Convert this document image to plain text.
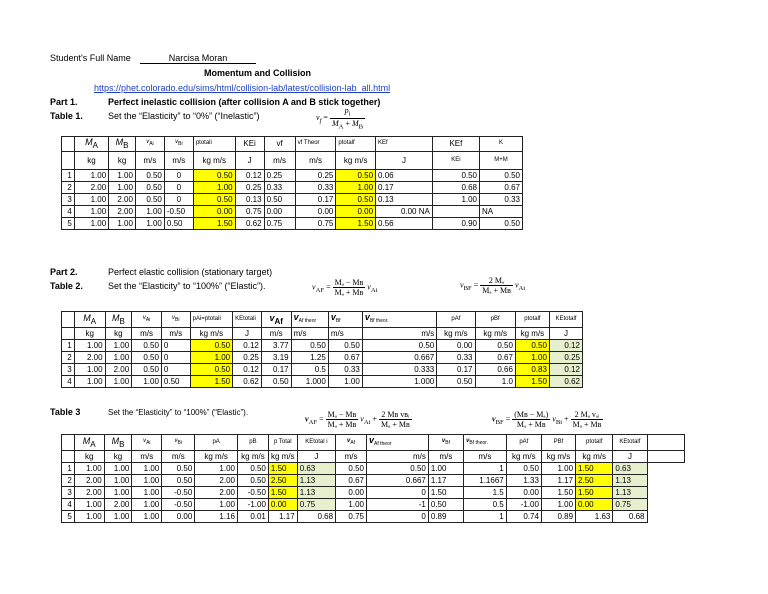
Student's Full Name	Narcisa Moran
Momentum and Collision
https://phet.colorado.edu/sims/html/collision-lab/latest/collision-lab_all.html
Part 1.	Perfect inelastic collision (after collision A and B stick together)
Table 1.	Set the “Elasticity” to “0%” (“Inelastic”)	$v_f = \frac{p_i}{M_A + M_B}$
	$M_A$	$M_B$	$v_{Ai}$	$v_{Bi}$	ptotali	KEi	vf	vf Theor	ptotalf	KEf	KEf	K
	kg	kg	m/s	m/s	kg m/s	J	m/s	m/s	kg m/s	J	KEi	M+M
1	1.00	1.00	0.50	0	0.50	0.12	0.25	0.25	0.50	0.06	0.50	0.50
2	2.00	1.00	0.50	0	1.00	0.25	0.33	0.33	1.00	0.17	0.68	0.67
3	1.00	2.00	0.50	0	0.50	0.13	0.50	0.17	0.50	0.13	1.00	0.33
4	1.00	2.00	1.00	-0.50	0.00	0.75	0.00	0.00	0.00	0.00 NA		NA
5	1.00	1.00	1.00	0.50	1.50	0.62	0.75	0.75	1.50	0.56	0.90	0.50
Part 2.	Perfect elastic collision (stationary target)
Table 2.	Set the “Elasticity” to “100%” (“Elastic”).	$v_{AF} = \frac{\text{Mₐ − Mʙ}}{\text{Mₐ + Mʙ}} v_{Ai}$
$v_{BF} = \frac{\text{2 Mₐ}}{\text{Mₐ + Mʙ}} v_{Ai}$
	$M_A$	$M_B$	$v_{Ai}$	$v_{Bi}$	pAi=ptotali	KEtotali	$v_{Af}$	$v_{Af theor}$	$v_{Bf}$	$v_{Bf theor.}$	pAf	pBf	ptotalf	KEtotalf
	kg	kg	m/s	m/s	kg m/s	J	m/s	m/s	m/s	m/s	kg m/s	kg m/s	kg m/s	J
1	1.00	1.00	0.50	0	0.50	0.12	3.77	0.50	0.50	0.50	0.00	0.50	0.50	0.12
2	2.00	1.00	0.50	0	1.00	0.25	3.19	1.25	0.67	0.667	0.33	0.67	1.00	0.25
3	1.00	2.00	0.50	0	0.50	0.12	0.17	0.5	0.33	0.333	0.17	0.66	0.83	0.12
4	1.00	1.00	1.00	0.50	1.50	0.62	0.50	1.000	1.00	1.000	0.50	1.0	1.50	0.62
Table 3	Set the “Elasticity” to “100%” (“Elastic”).
$v_{AF} = \frac{\text{Mₐ − Mʙ}}{\text{Mₐ + Mʙ}} v_{Ai} + \frac{\text{2 Mʙ vʙᵢ}}{\text{Mₐ + Mʙ}}$	$v_{BF} = \frac{\text{(Mʙ − Mₐ)}}{\text{Mₐ + Mʙ}} v_{Bi} + \frac{\text{2 Mₐ vₐᵢ}}{\text{Mₐ + Mʙ}}$
	$M_A$	$M_B$	$v_{Ai}$	$v_{Bi}$	pA	pB	p Total	KEtotal i	$v_{Af}$	$v_{Af theor}$	$v_{Bf}$	$v_{Bf theor.}$	pAf	PBf	ptotalf	KEtotalf	
	kg	kg	m/s	m/s	kg m/s	kg m/s	kg m/s	J	m/s	m/s	m/s	m/s	kg m/s	kg m/s	kg m/s	J	
1	1.00	1.00	1.00	0.50	1.00	0.50	1.50	0.63	0.50	0.50	1.00	1	0.50	1.00	1.50	0.63	
2	2.00	1.00	1.00	0.50	2.00	0.50	2.50	1.13	0.67	0.667	1.17	1.1667	1.33	1.17	2.50	1.13	
3	2.00	1.00	1.00	-0.50	2.00	-0.50	1.50	1.13	0.00	0	1.50	1.5	0.00	1.50	1.50	1.13	
4	1.00	2.00	1.00	-0.50	1.00	-1.00	0.00	0.75	1.00	-1	0.50	0.5	-1.00	1.00	0.00	0.75	
5	1.00	1.00	1.00	0.00	1.16	0.01	1.17	0.68	0.75	0	0.89	1	0.74	0.89	1.63	0.68	
